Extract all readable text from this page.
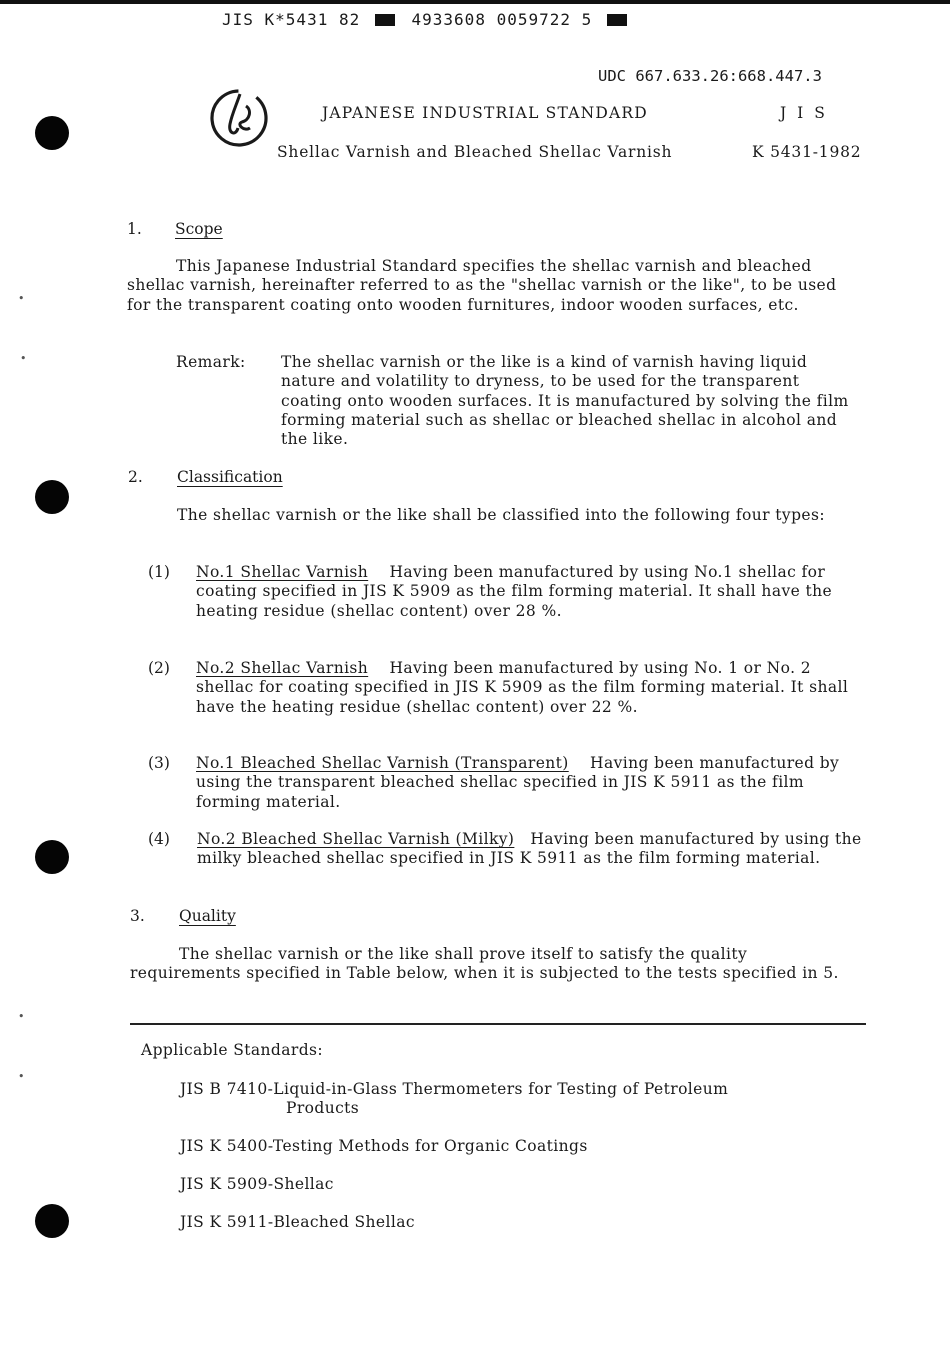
JIS K*5431 82	4933608 0059722 5
•
•
•
•
UDC 667.633.26:668.447.3
JAPANESE INDUSTRIAL STANDARD	J I S
Shellac Varnish and Bleached Shellac Varnish	K 5431-1982
1. Scope
This Japanese Industrial Standard specifies the shellac varnish and bleached shellac varnish, hereinafter referred to as the "shellac varnish or the like", to be used for the transparent coating onto wooden furnitures, indoor wooden surfaces, etc.
Remark: The shellac varnish or the like is a kind of varnish having liquid nature and volatility to dryness, to be used for the transparent coating onto wooden surfaces. It is manufactured by solving the film forming material such as shellac or bleached shellac in alcohol and the like.
2. Classification
The shellac varnish or the like shall be classified into the following four types:
(1) No.1 Shellac Varnish Having been manufactured by using No.1 shellac for coating specified in JIS K 5909 as the film forming material. It shall have the heating residue (shellac content) over 28 %.
(2) No.2 Shellac Varnish Having been manufactured by using No. 1 or No. 2 shellac for coating specified in JIS K 5909 as the film forming material. It shall have the heating residue (shellac content) over 22 %.
(3) No.1 Bleached Shellac Varnish (Transparent) Having been manufactured by using the transparent bleached shellac specified in JIS K 5911 as the film forming material.
(4) No.2 Bleached Shellac Varnish (Milky) Having been manufactured by using the milky bleached shellac specified in JIS K 5911 as the film forming material.
3. Quality
The shellac varnish or the like shall prove itself to satisfy the quality requirements specified in Table below, when it is subjected to the tests specified in 5.
Applicable Standards:
JIS B 7410-Liquid-in-Glass Thermometers for Testing of Petroleum
Products
JIS K 5400-Testing Methods for Organic Coatings
JIS K 5909-Shellac
JIS K 5911-Bleached Shellac
